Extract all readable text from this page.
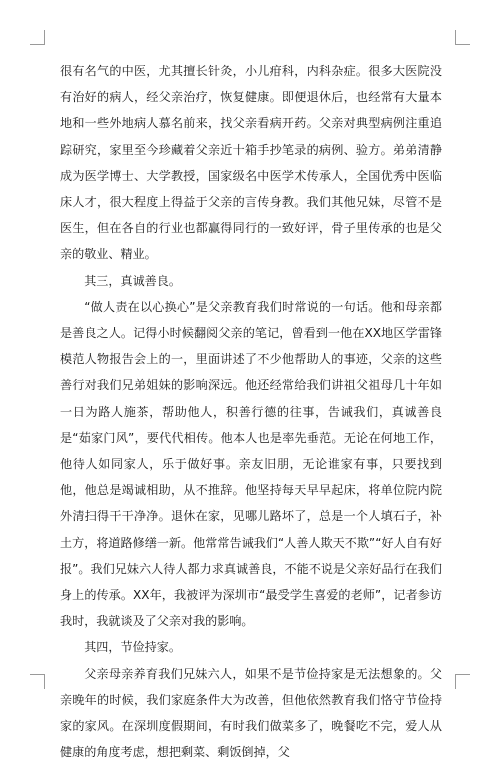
很有名气的中医，尤其擅长针灸，小儿疳科，内科杂症。很多大医院没有治好的病人，经父亲治疗，恢复健康。即便退休后，也经常有大量本地和一些外地病人慕名前来，找父亲看病开药。父亲对典型病例注重追踪研究，家里至今珍藏着父亲近十箱手抄笔录的病例、验方。弟弟清静成为医学博士、大学教授，国家级名中医学术传承人，全国优秀中医临床人才，很大程度上得益于父亲的言传身教。我们其他兄妹，尽管不是医生，但在各自的行业也都赢得同行的一致好评，骨子里传承的也是父亲的敬业、精业。

其三，真诚善良。

“做人责在以心换心”是父亲教育我们时常说的一句话。他和母亲都是善良之人。记得小时候翻阅父亲的笔记，曾看到一他在XX地区学雷锋模范人物报告会上的一，里面讲述了不少他帮助人的事迹，父亲的这些善行对我们兄弟姐妹的影响深远。他还经常给我们讲祖父祖母几十年如一日为路人施茶，帮助他人，积善行德的往事，告诫我们，真诚善良是“茹家门风”，要代代相传。他本人也是率先垂范。无论在何地工作，他待人如同家人，乐于做好事。亲友旧朋，无论谁家有事，只要找到他，他总是竭诚相助，从不推辞。他坚持每天早早起床，将单位院内院外清扫得干干净净。退休在家，见哪儿路坏了，总是一个人填石子，补土方，将道路修缮一新。他常常告诫我们“人善人欺天不欺”“好人自有好报”。我们兄妹六人待人都力求真诚善良，不能不说是父亲好品行在我们身上的传承。XX年，我被评为深圳市“最受学生喜爱的老师”，记者参访我时，我就谈及了父亲对我的影响。

其四，节俭持家。

父亲母亲养育我们兄妹六人，如果不是节俭持家是无法想象的。父亲晚年的时候，我们家庭条件大为改善，但他依然教育我们恪守节俭持家的家风。在深圳度假期间，有时我们做菜多了，晚餐吃不完，爱人从健康的角度考虑，想把剩菜、剩饭倒掉，父
